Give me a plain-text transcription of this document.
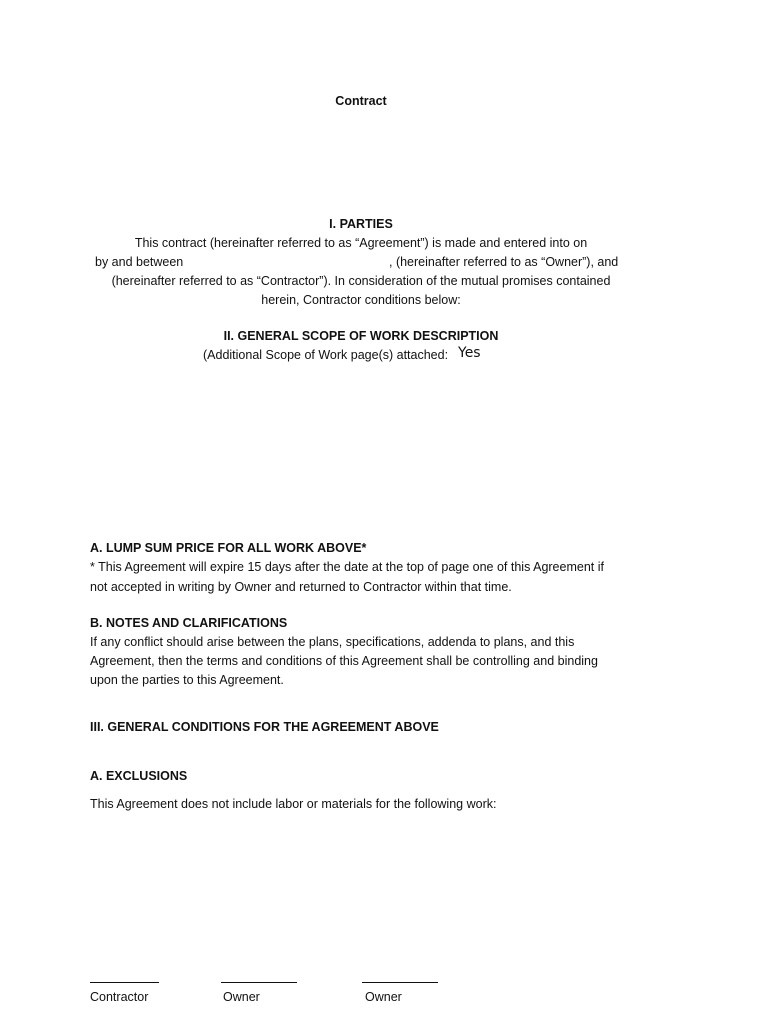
Contract
I. PARTIES
This contract (hereinafter referred to as “Agreement”) is made and entered into on
by and between	, (hereinafter referred to as “Owner”), and
(hereinafter referred to as “Contractor”). In consideration of the mutual promises contained
herein, Contractor conditions below:
II. GENERAL SCOPE OF WORK DESCRIPTION
(Additional Scope of Work page(s) attached: Yes
A. LUMP SUM PRICE FOR ALL WORK ABOVE*
* This Agreement will expire 15 days after the date at the top of page one of this Agreement if
not accepted in writing by Owner and returned to Contractor within that time.
B. NOTES AND CLARIFICATIONS
If any conflict should arise between the plans, specifications, addenda to plans, and this
Agreement, then the terms and conditions of this Agreement shall be controlling and binding
upon the parties to this Agreement.
III. GENERAL CONDITIONS FOR THE AGREEMENT ABOVE
A. EXCLUSIONS
This Agreement does not include labor or materials for the following work:
Contractor	Owner	Owner
